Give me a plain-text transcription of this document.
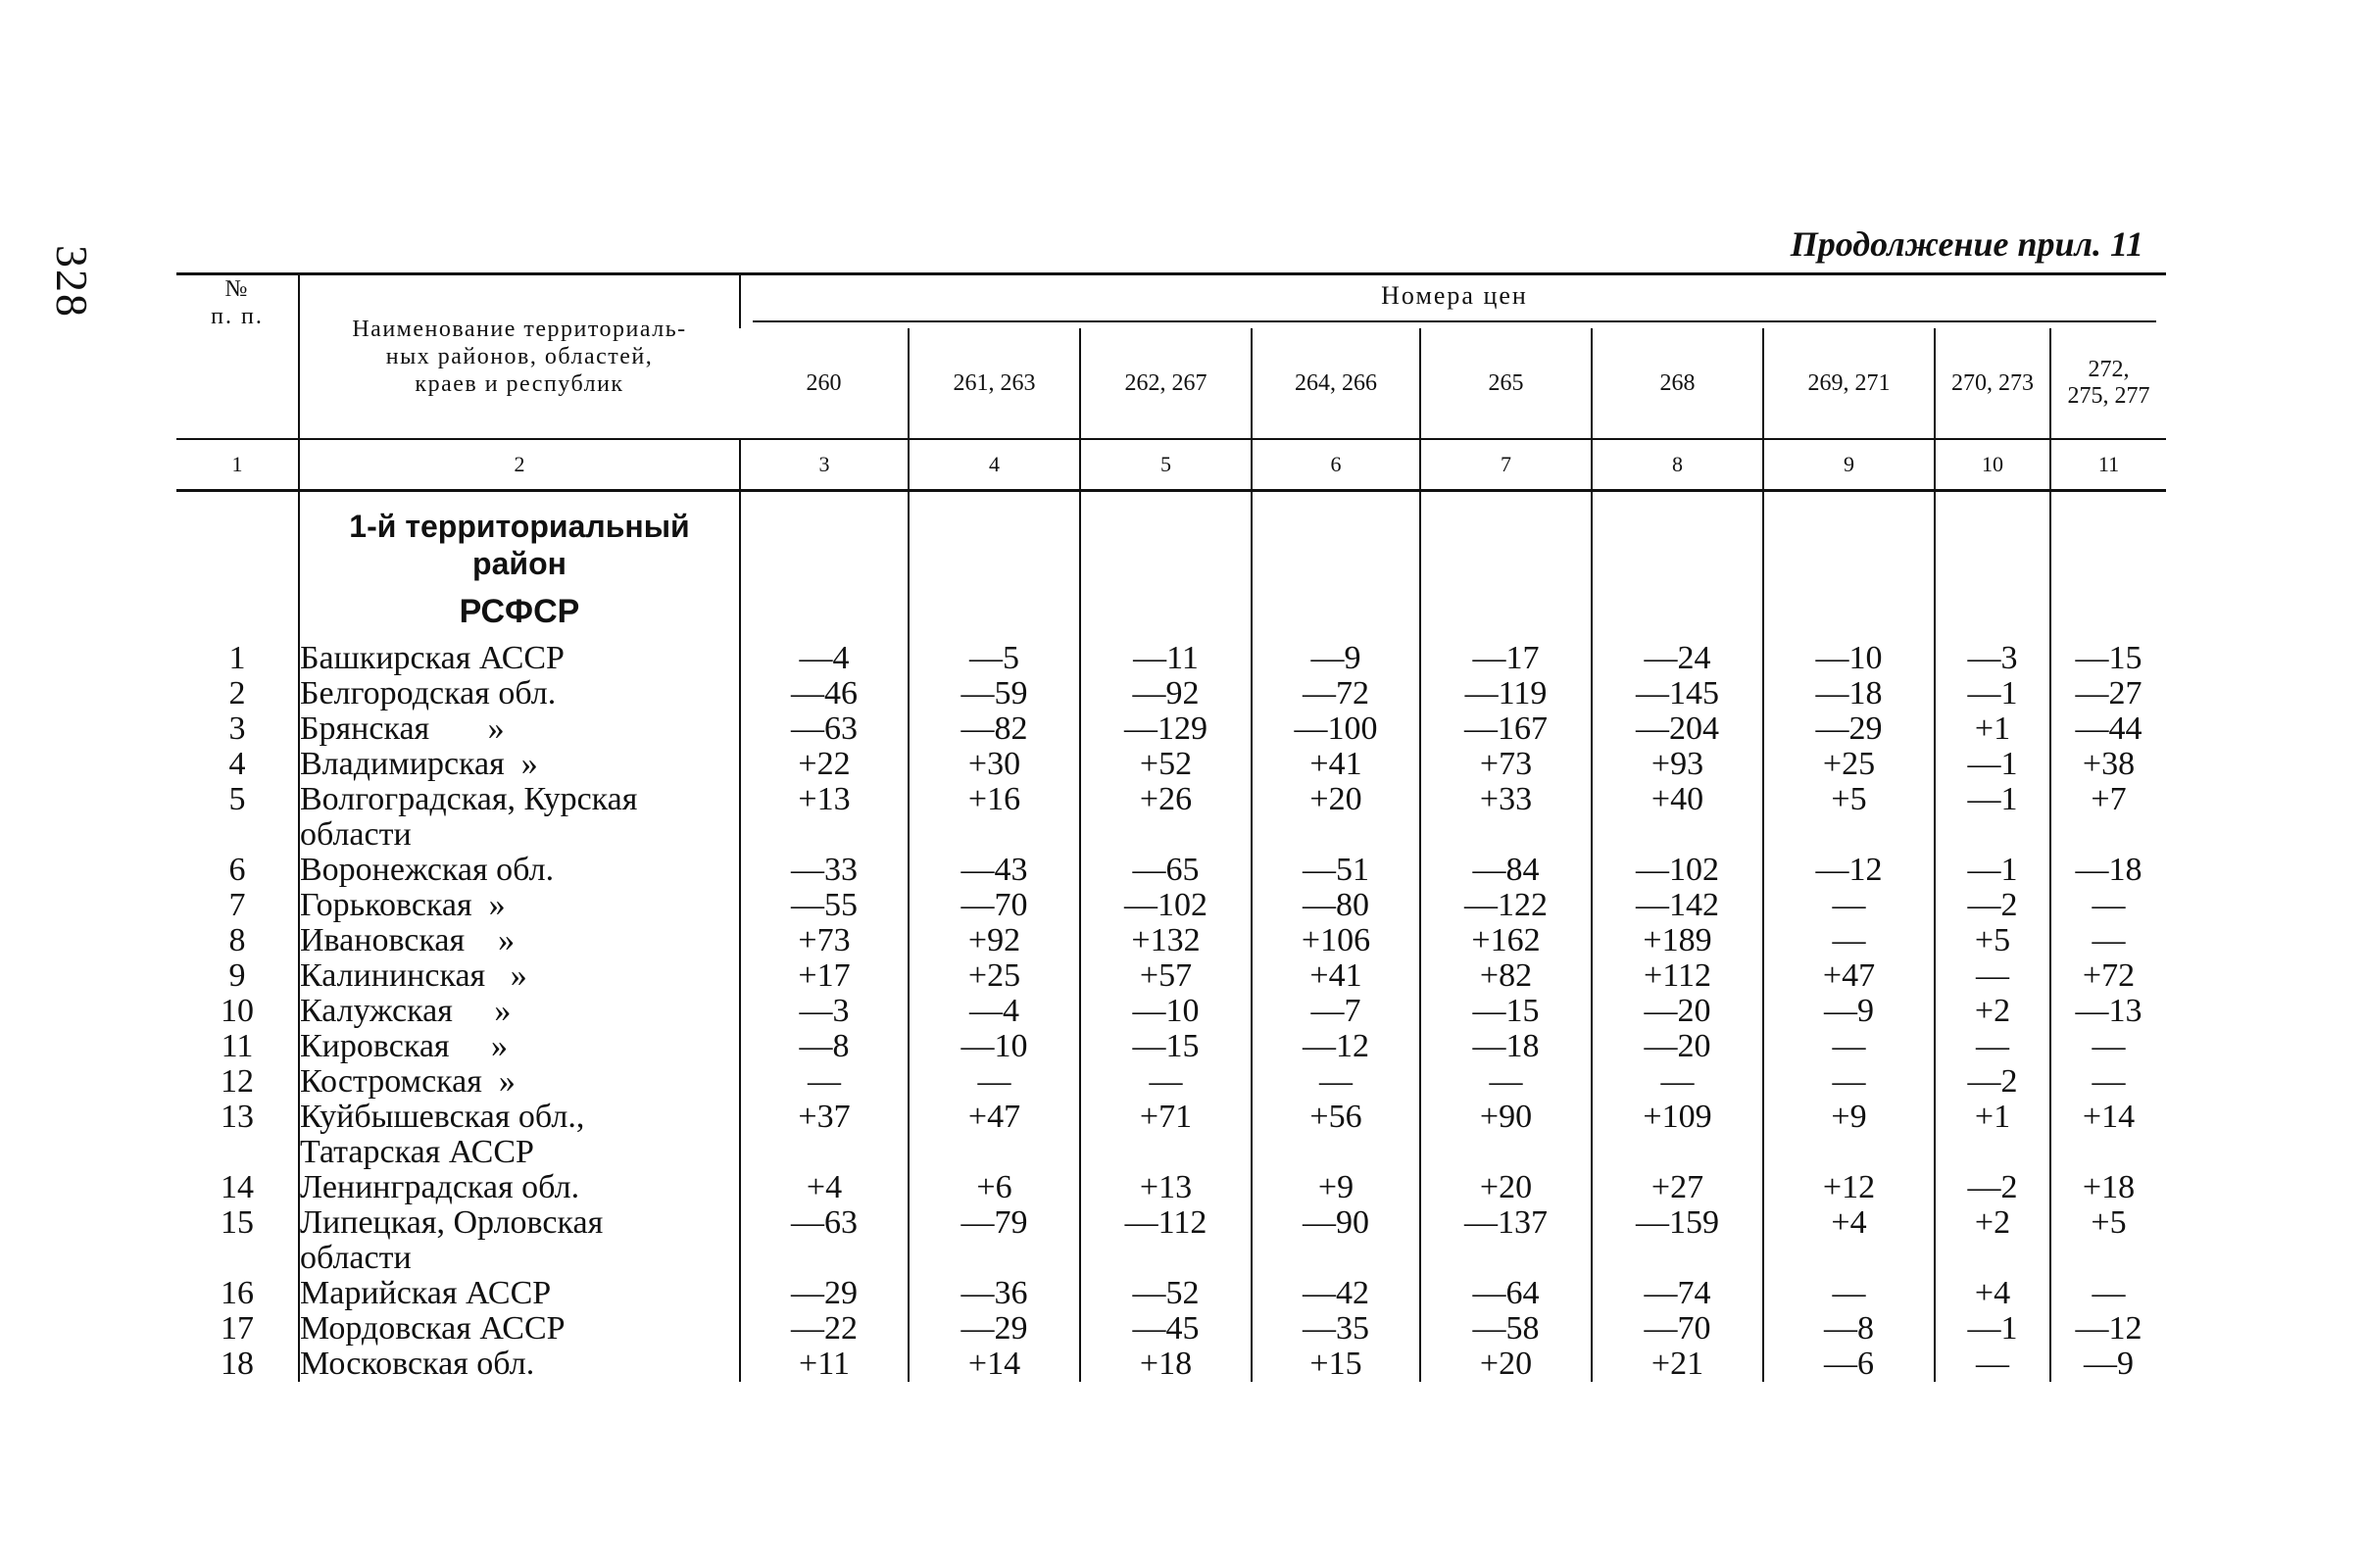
328
Продолжение прил. 11
№
п. п.	Наименование территориаль-
ных районов, областей,
краев и республик	Номера цен								

		260	261, 263	262, 267	264, 266	265	268	269, 271	270, 273	272,
275, 277
1	2	3	4	5	6	7	8	9	10	11

	1-й территориальный
район
РСФСР									

1	Башкирская АССР	—4	—5	—11	—9	—17	—24	—10	—3	—15
2	Белгородская обл.	—46	—59	—92	—72	—119	—145	—18	—1	—27
3	Брянская       »	—63	—82	—129	—100	—167	—204	—29	+1	—44
4	Владимирская  »	+22	+30	+52	+41	+73	+93	+25	—1	+38
5	Волгоградская, Курская
области	+13	+16	+26	+20	+33	+40	+5	—1	+7
6	Воронежская обл.	—33	—43	—65	—51	—84	—102	—12	—1	—18
7	Горьковская  »	—55	—70	—102	—80	—122	—142	—	—2	—
8	Ивановская    »	+73	+92	+132	+106	+162	+189	—	+5	—
9	Калининская   »	+17	+25	+57	+41	+82	+112	+47	—	+72
10	Калужская     »	—3	—4	—10	—7	—15	—20	—9	+2	—13
11	Кировская     »	—8	—10	—15	—12	—18	—20	—	—	—
12	Костромская  »	—	—	—	—	—	—	—	—2	—
13	Куйбышевская обл.,
Татарская АССР	+37	+47	+71	+56	+90	+109	+9	+1	+14
14	Ленинградская обл.	+4	+6	+13	+9	+20	+27	+12	—2	+18
15	Липецкая, Орловская
области	—63	—79	—112	—90	—137	—159	+4	+2	+5
16	Марийская АССР	—29	—36	—52	—42	—64	—74	—	+4	—
17	Мордовская АССР	—22	—29	—45	—35	—58	—70	—8	—1	—12
18	Московская обл.	+11	+14	+18	+15	+20	+21	—6	—	—9
